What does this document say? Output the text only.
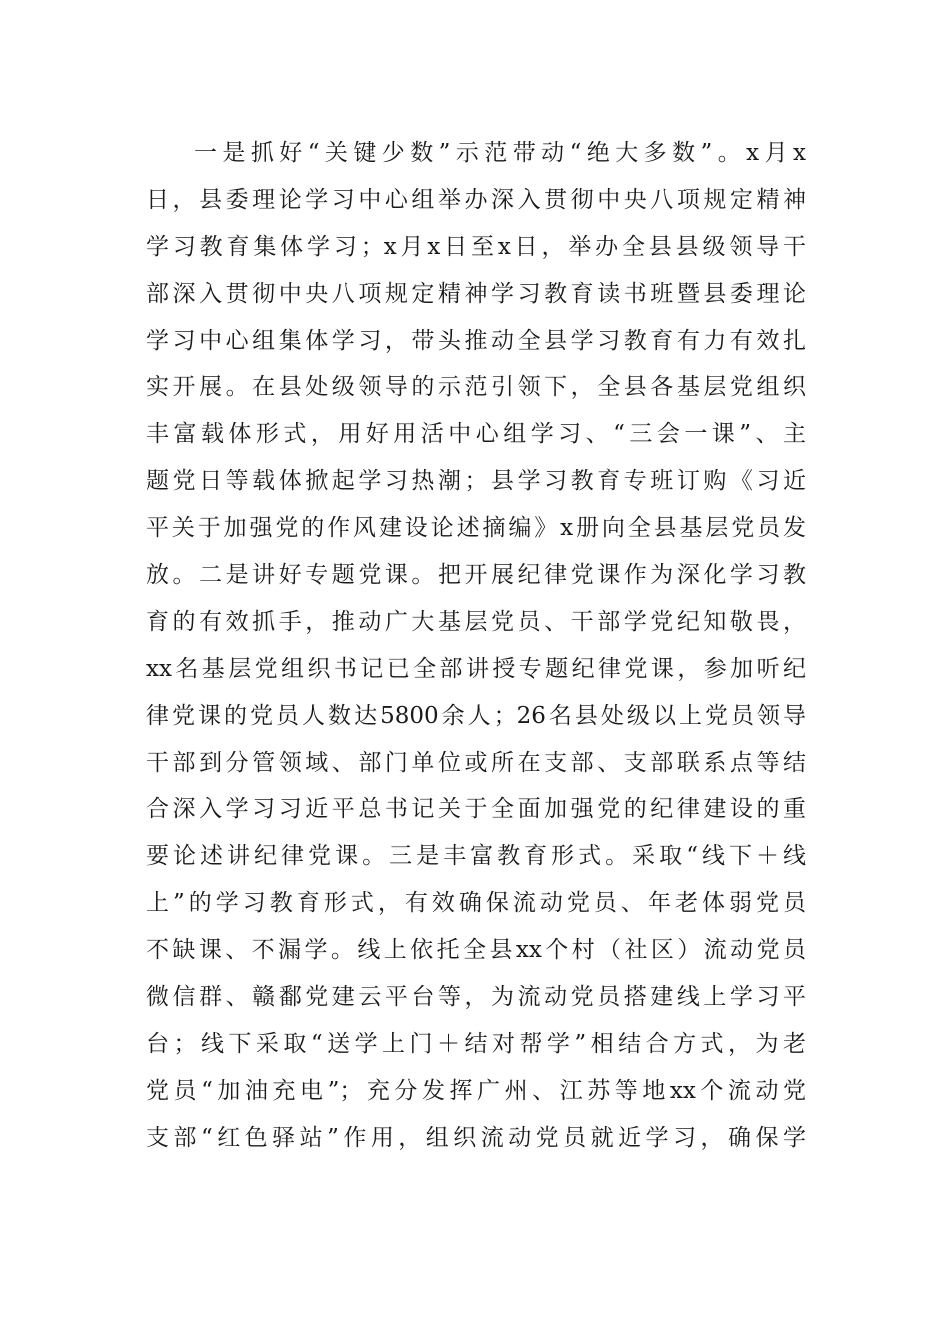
一是抓好“关键少数”示范带动“绝大多数”。x月x
日，县委理论学习中心组举办深入贯彻中央八项规定精神
学习教育集体学习；x月x日至x日，举办全县县级领导干
部深入贯彻中央八项规定精神学习教育读书班暨县委理论
学习中心组集体学习，带头推动全县学习教育有力有效扎
实开展。在县处级领导的示范引领下，全县各基层党组织
丰富载体形式，用好用活中心组学习、“三会一课”、主
题党日等载体掀起学习热潮；县学习教育专班订购《习近
平关于加强党的作风建设论述摘编》x册向全县基层党员发
放。二是讲好专题党课。把开展纪律党课作为深化学习教
育的有效抓手，推动广大基层党员、干部学党纪知敬畏，
xx名基层党组织书记已全部讲授专题纪律党课，参加听纪
律党课的党员人数达5800余人；26名县处级以上党员领导
干部到分管领域、部门单位或所在支部、支部联系点等结
合深入学习习近平总书记关于全面加强党的纪律建设的重
要论述讲纪律党课。三是丰富教育形式。采取“线下＋线
上”的学习教育形式，有效确保流动党员、年老体弱党员
不缺课、不漏学。线上依托全县xx个村（社区）流动党员
微信群、赣鄱党建云平台等，为流动党员搭建线上学习平
台；线下采取“送学上门＋结对帮学”相结合方式，为老
党员“加油充电”；充分发挥广州、江苏等地xx个流动党
支部“红色驿站”作用，组织流动党员就近学习，确保学
